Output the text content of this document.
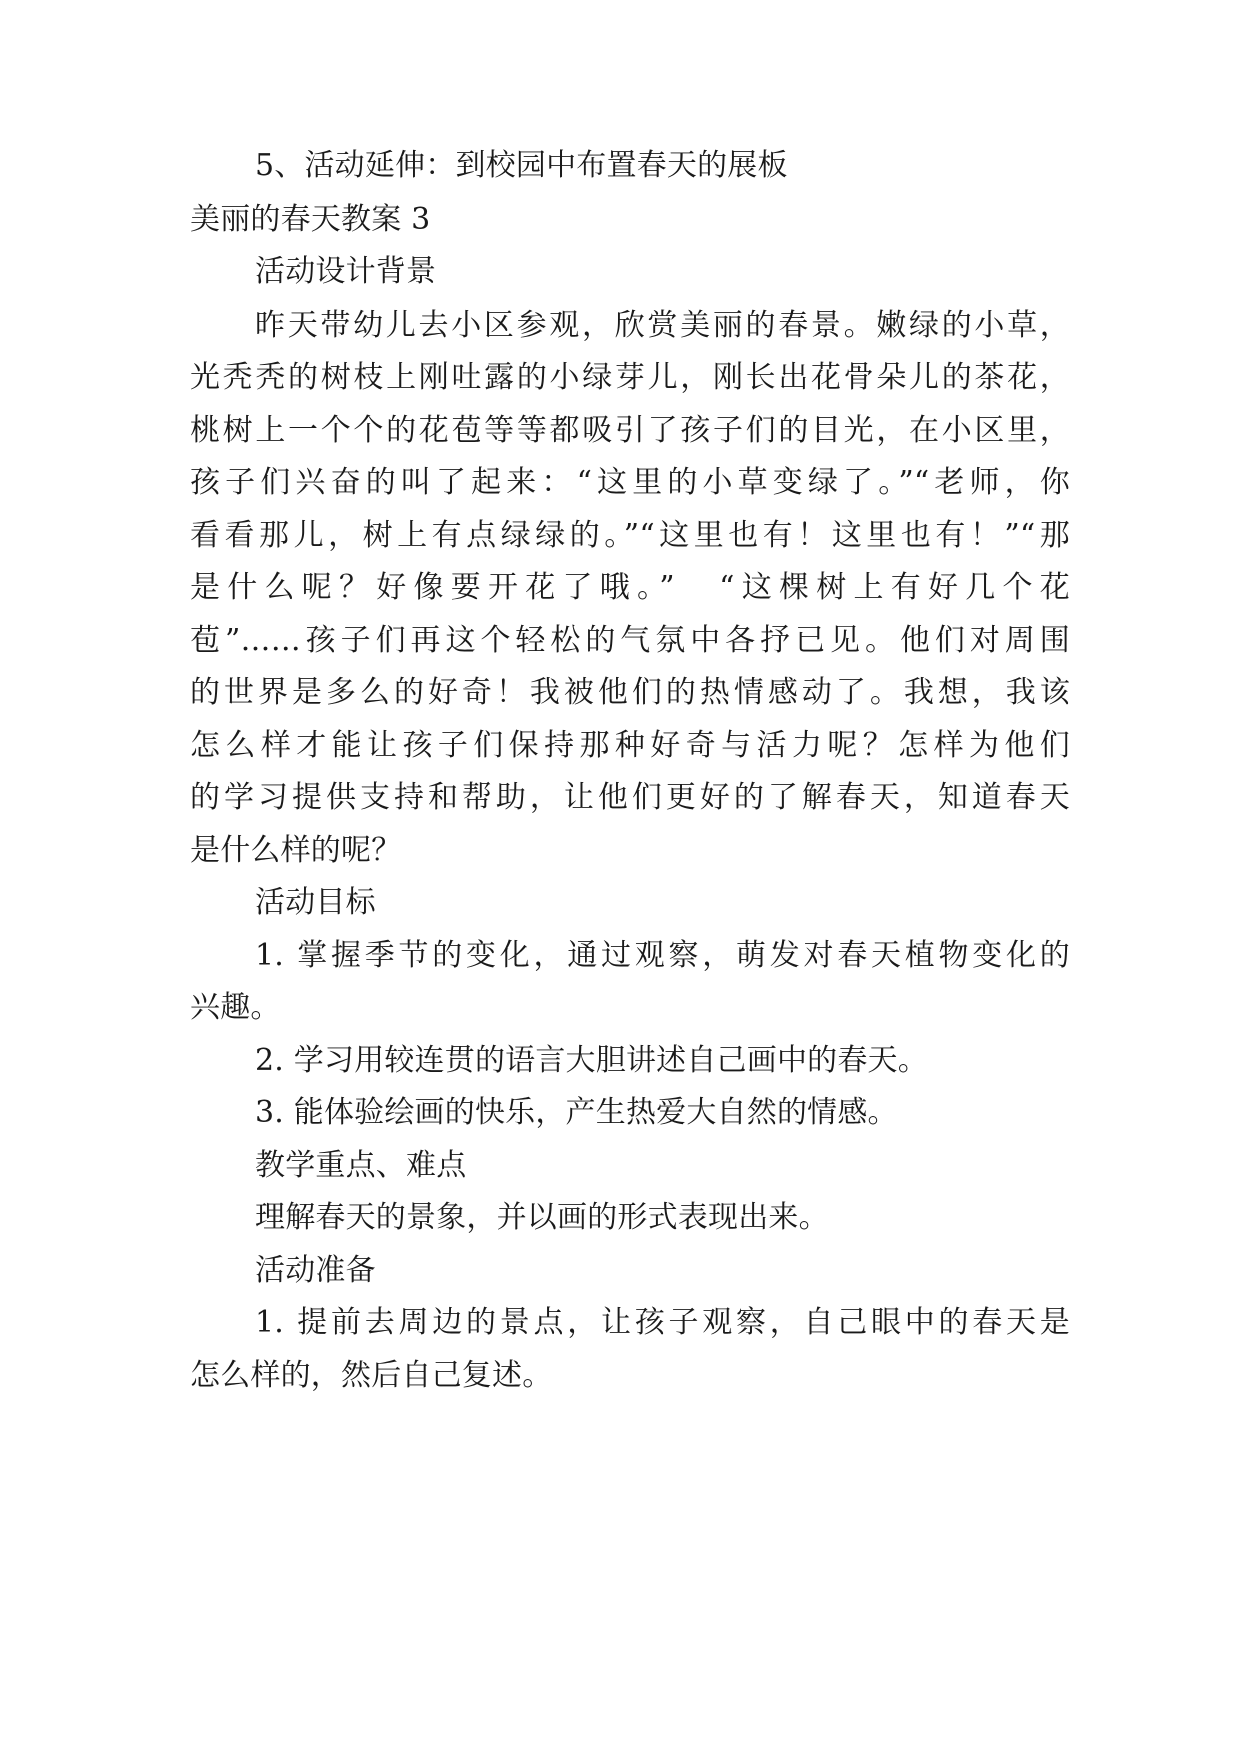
5、活动延伸：到校园中布置春天的展板
美丽的春天教案 3
活动设计背景
昨天带幼儿去小区参观，欣赏美丽的春景。嫩绿的小草，
光秃秃的树枝上刚吐露的小绿芽儿，刚长出花骨朵儿的茶花，
桃树上一个个的花苞等等都吸引了孩子们的目光，在小区里，
孩子们兴奋的叫了起来：“这里的小草变绿了。”“老师，你
看看那儿，树上有点绿绿的。”“这里也有！这里也有！”“那
是什么呢？好像要开花了哦。”　“这棵树上有好几个花
苞”……孩子们再这个轻松的气氛中各抒已见。他们对周围
的世界是多么的好奇！我被他们的热情感动了。我想，我该
怎么样才能让孩子们保持那种好奇与活力呢？怎样为他们
的学习提供支持和帮助，让他们更好的了解春天，知道春天
是什么样的呢？
活动目标
1. 掌握季节的变化，通过观察，萌发对春天植物变化的
兴趣。
2. 学习用较连贯的语言大胆讲述自己画中的春天。
3. 能体验绘画的快乐，产生热爱大自然的情感。
教学重点、难点
理解春天的景象，并以画的形式表现出来。
活动准备
1. 提前去周边的景点，让孩子观察，自己眼中的春天是
怎么样的，然后自己复述。
